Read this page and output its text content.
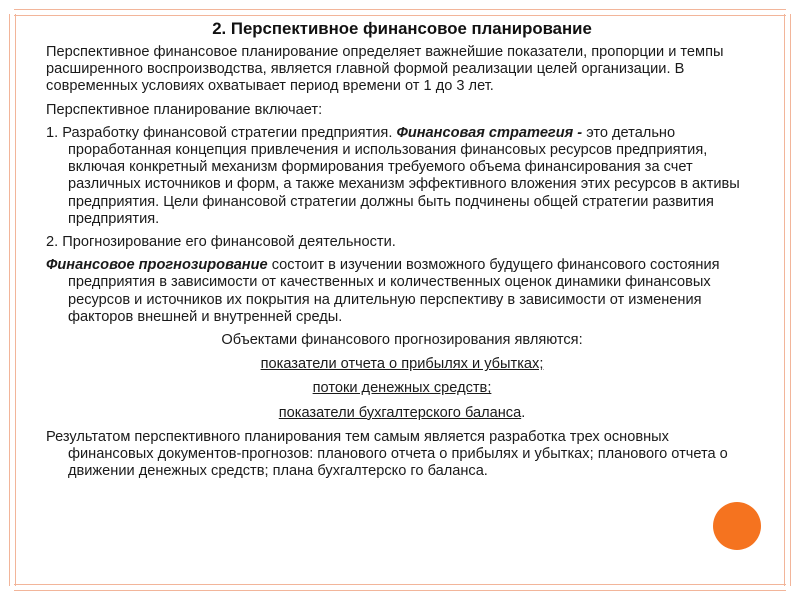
2. Перспективное финансовое планирование

Перспективное финансовое планирование определяет важнейшие показатели, пропорции и темпы расширенного воспроизводства, является главной формой реализации целей организации. В современных условиях охватывает период времени от 1 до 3 лет.

Перспективное планирование включает:

1. Разработку финансовой стратегии предприятия. Финансовая стратегия - это детально проработанная концепция привлечения и использования финансовых ресурсов предприятия, включая конкретный механизм формирования требуемого объема финансирования за счет различных источников и форм, а также механизм эффективного вложения этих ресурсов в активы предприятия. Цели финансовой стратегии должны быть подчинены общей стратегии развития предприятия.

2. Прогнозирование его финансовой деятельности.

Финансовое прогнозирование состоит в изучении возможного будущего финансового состояния предприятия в зависимости от качественных и количественных оценок динамики финансовых ресурсов и источников их покрытия на длительную перспективу в зависимости от изменения факторов внешней и внутренней среды.

Объектами финансового прогнозирования являются:

показатели отчета о прибылях и убытках;

потоки денежных средств;

показатели бухгалтерского баланса.

Результатом перспективного планирования тем самым является разработка трех основных финансовых документов-прогнозов: планового отчета о прибылях и убытках; планового отчета о движении денежных средств; плана бухгалтерско го баланса.
